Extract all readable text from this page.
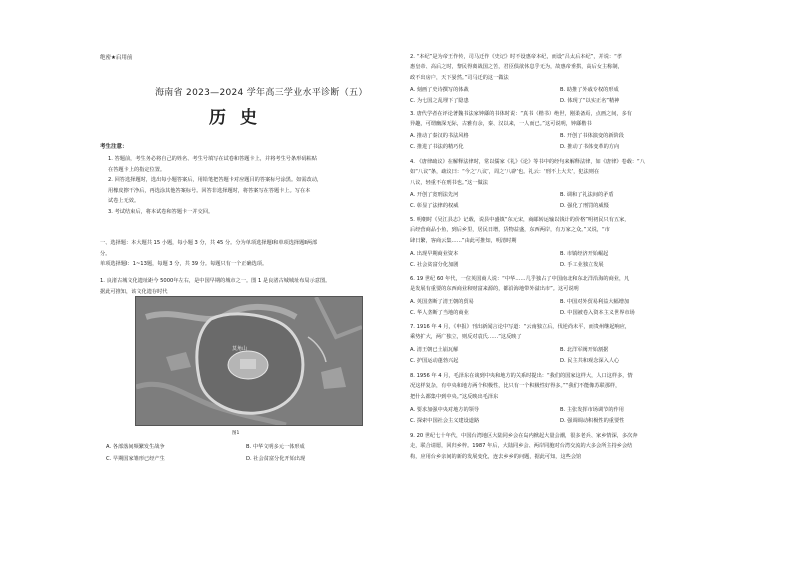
绝密★启用前
海南省 2023—2024 学年高三学业水平诊断（五）
历史
考生注意：

1. 答题前，考生务必将自己的姓名、考生号填写在试卷和答题卡上，并将考生号条形码粘贴

在答题卡上的指定位置。

2. 回答选择题时，选出每小题答案后，用铅笔把答题卡对应题目的答案标号涂黑。如需改动，

用橡皮擦干净后，再选涂其他答案标号。回答非选择题时，将答案写在答题卡上。写在本

试卷上无效。

3. 考试结束后，将本试卷和答题卡一并交回。

一、选择题：本大题共 15 小题，每小题 3 分，共 45 分。分为单项选择题Ⅰ和单项选择题Ⅱ两部

分。

单项选择题Ⅰ：1~13题，每题 3 分，共 39 分。每题只有一个正确选项。

1. 良渚古城文化遗址距今 5000年左右，是中国早期的城市之一。图 1 是良渚古城城址布局示意图。

据此可推知，该文化遗存时代

莫角山
图1
A. 各部落间频繁发生战争	B. 中华文明多元一体形成
C. 早期国家雏形已经产生	D. 社会贫富分化开始出现

2. “本纪”是为帝王作传，司马迁作《史记》时不设惠帝本纪，而设“吕太后本纪”，并说：“孝

惠皇帝、高后之时，黎民得离战国之苦，君臣俱欲休息乎无为，故惠帝垂拱，高后女主称制，

政不出房户，天下晏然。”司马迁的这一做法

A. 刻画了史诗撰写的体裁	B. 助推了外戚专权的形成
C. 为七国之乱埋下了隐患	D. 体现了“以实正名”精神

3. 唐代学者在评论著魏书法家钟繇的书体时说：“真书（楷书）绝世，刚柔备焉，点画之间，多有

异趣，可谓幽深无际，古雅有余，秦、汉以来，一人而已。”这可说明，钟繇楷书

A. 推动了秦汉的书法风格	B. 开创了书体演变的新阶段
C. 推进了书法的精巧化	D. 推动了书体变革的方向

4. 《唐律疏议》在解释法律时，常以儒家《礼》《论》等书中的经句来解释法律，如《唐律》卷载：“八

如“八议”条，疏议曰：“今之‘八议’，周之‘八辟’也。礼云：‘刑不上大夫’，犯法则在

八议，轻重不在刑书也。”这一做法

A. 开创了宽刑法先河	B. 调和了礼法间的矛盾
C. 彰显了法律的权威	D. 强化了刑罚的威慑

5. 明朝时《吴江县志》记载，说县中盛镇“东元宋，商邮转运输以钱计的价格”明初民只有五家，

后经营商品小鱼，到后乡里，居民日增，货物益盛，东西两岸，有万家之众。”又说，“市

肆日繁，客商云集……”由此可推知，明清时期

A. 出现早期商业资本	B. 市镇经济开始崛起
C. 社会贫富分化加剧	D. 手工业独立发展

6. 19 世纪 60 年代，一位英国商人说：“中华……几乎独占了中国南北和东北洋沿海的商业，凡

是发展有重要的东西商业和财富来源的，都沿海地带外溢出市”。这可说明

A. 英国垄断了清王朝的贸易	B. 中国对外贸易利益大幅增加
C. 华人垄断了当地的商业	D. 中国被卷入资本主义世界市场

7. 1916 年 4 月，《申报》刊出新闻言论中写道：“云南独立后，伐逆尚未平，而贵州继起响应，

乘势扩大，两广独立，则反对袁氏……”这反映了

A. 清王朝已土崩瓦解	B. 北洋军阀开始割据
C. 护国运动蓬勃兴起	D. 民主共和观念深入人心

8. 1956 年 4 月，毛泽东在谈到中央和地方的关系时提出：“我们的国家这样大，人口这样多，情

况这样复杂，有中央和地方两个积极性，比只有一个积极性好得多。”“我们不能像苏联那样，

把什么都集中到中央。”这反映出毛泽东

A. 要求加强中央对地方的领导	B. 主张发挥市场调节的作用
C. 探索中国社会主义建设道路	D. 强调调动积极性的重要性

9. 20 世纪七十年代，中国台湾地区大陆同乡会在岛内掀起大量会潮，很多老兵、家乡情深，多次奔

走，联合请愿，回归乡梓。1987 年后，大陆同乡会、两岸同胞对台湾交流的大多会所主持乡会结

构，应用台乡亲间的新的发展变化，连去乡乡的问题，据此可知，这些会馆
